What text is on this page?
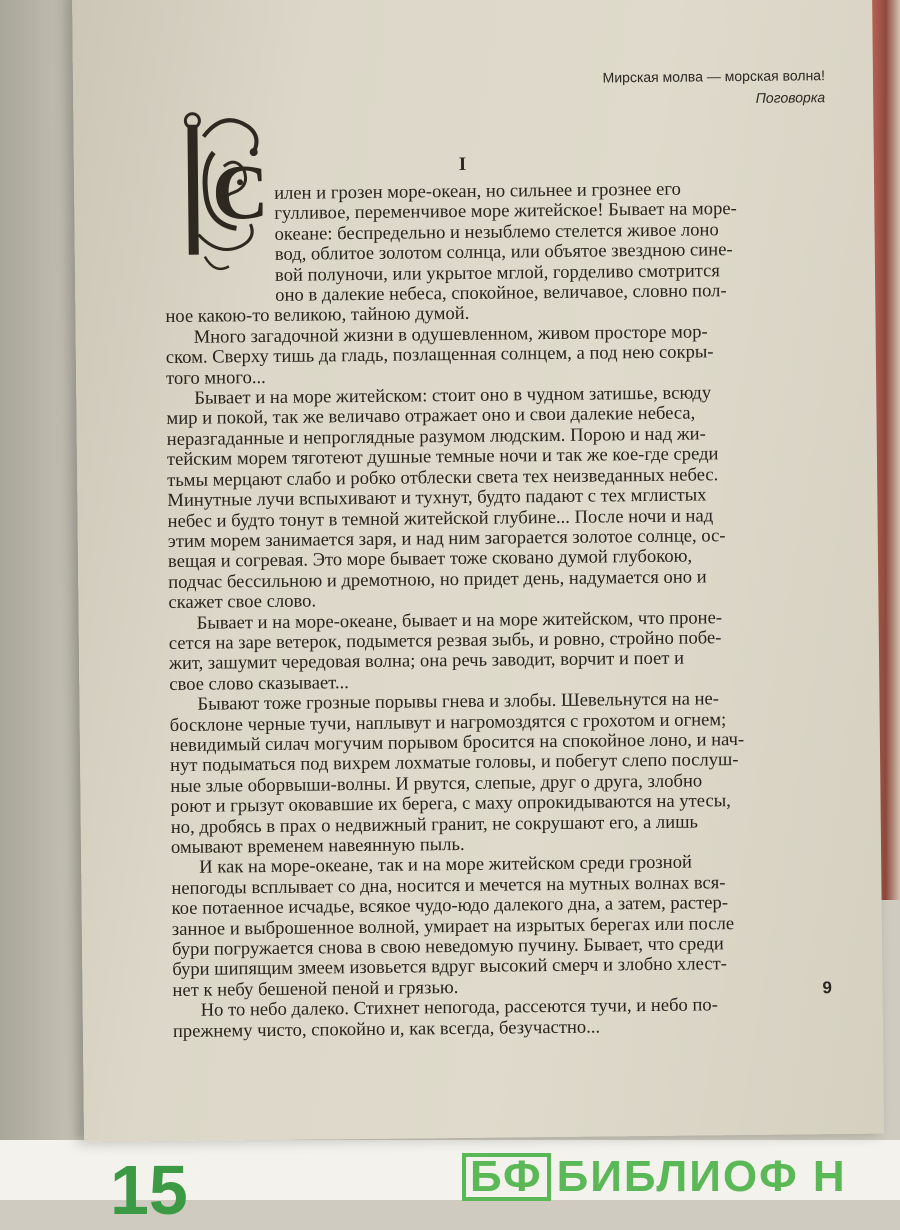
Мирская молва — морская волна!
Поговорка
I
С илен и грозен море-океан, но сильнее и грознее его
гулливое, переменчивое море житейское! Бывает на море-
океане: беспредельно и незыблемо стелется живое лоно
вод, облитое золотом солнца, или объятое звездною сине-
вой полуночи, или укрытое мглой, горделиво смотрится
оно в далекие небеса, спокойное, величавое, словно пол-
ное какою-то великою, тайною думой.
Много загадочной жизни в одушевленном, живом просторе мор-
ском. Сверху тишь да гладь, позлащенная солнцем, а под нею сокры-
того много...
Бывает и на море житейском: стоит оно в чудном затишье, всюду
мир и покой, так же величаво отражает оно и свои далекие небеса,
неразгаданные и непроглядные разумом людским. Порою и над жи-
тейским морем тяготеют душные темные ночи и так же кое-где среди
тьмы мерцают слабо и робко отблески света тех неизведанных небес.
Минутные лучи вспыхивают и тухнут, будто падают с тех мглистых
небес и будто тонут в темной житейской глубине... После ночи и над
этим морем занимается заря, и над ним загорается золотое солнце, ос-
вещая и согревая. Это море бывает тоже сковано думой глубокою,
подчас бессильною и дремотною, но придет день, надумается оно и
скажет свое слово.
Бывает и на море-океане, бывает и на море житейском, что пронe-
сется на заре ветерок, подымется резвая зыбь, и ровно, стройно побе-
жит, зашумит чередовая волна; она речь заводит, ворчит и поет и
свое слово сказывает...
Бывают тоже грозные порывы гнева и злобы. Шевельнутся на не-
босклоне черные тучи, наплывут и нагромоздятся с грохотом и огнем;
невидимый силач могучим порывом бросится на спокойное лоно, и нач-
нут подыматься под вихрем лохматые головы, и побегут слепо послуш-
ные злые оборвыши-волны. И рвутся, слепые, друг о друга, злобно
роют и грызут оковавшие их берега, с маху опрокидываются на утесы,
но, дробясь в прах о недвижный гранит, не сокрушают его, а лишь
омывают временем навеянную пыль.
И как на море-океане, так и на море житейском среди грозной
непогоды всплывает со дна, носится и мечется на мутных волнах вся-
кое потаенное исчадье, всякое чудо-юдо далекого дна, а затем, растер-
занное и выброшенное волной, умирает на изрытых берегах или после
бури погружается снова в свою неведомую пучину. Бывает, что среди
бури шипящим змеем изовьется вдруг высокий смерч и злобно хлест-
нет к небу бешеной пеной и грязью.
Но то небо далеко. Стихнет непогода, рассеются тучи, и небо по-
прежнему чисто, спокойно и, как всегда, безучастно...
9
15	БФ БИБЛИОФ Н
